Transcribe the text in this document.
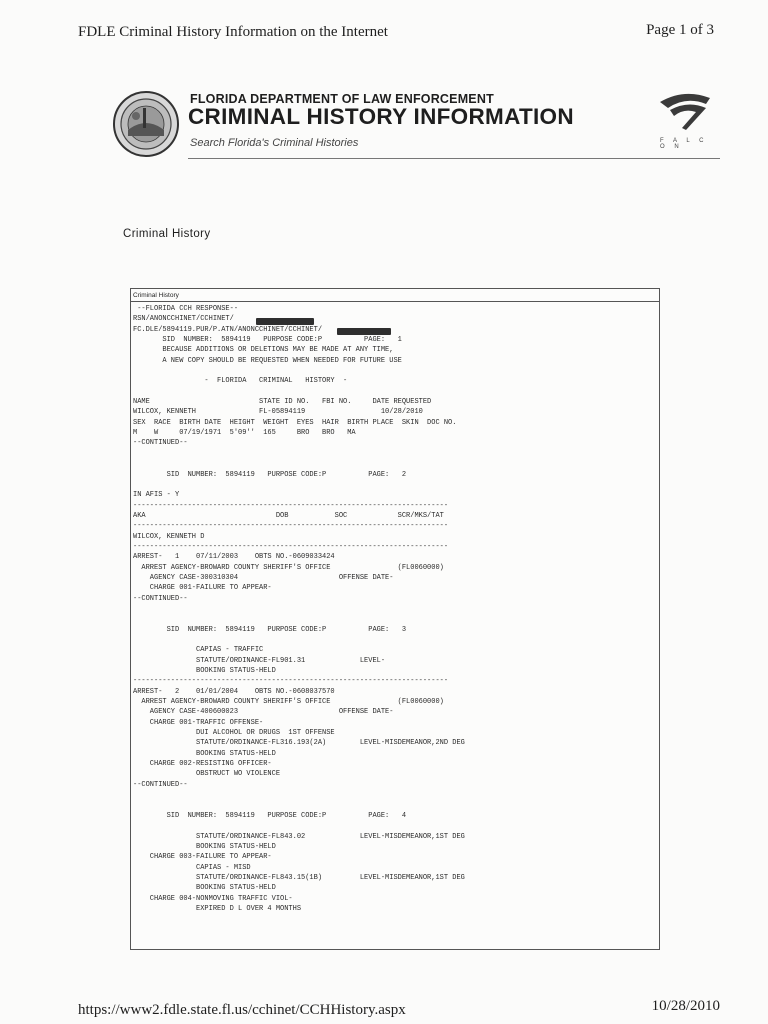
FDLE Criminal History Information on the Internet	Page 1 of 3
FLORIDA DEPARTMENT OF LAW ENFORCEMENT
CRIMINAL HISTORY INFORMATION
Search Florida's Criminal Histories	F A L C O N
Criminal History
Criminal History
--FLORIDA CCH RESPONSE--
RSN/ANONCCHINET/CCHINET/
FC.DLE/5894119.PUR/P.ATN/ANONCCHINET/CCHINET/
SID  NUMBER:  5894119   PURPOSE CODE:P          PAGE:   1
BECAUSE ADDITIONS OR DELETIONS MAY BE MADE AT ANY TIME,
A NEW COPY SHOULD BE REQUESTED WHEN NEEDED FOR FUTURE USE

-  FLORIDA   CRIMINAL   HISTORY  -

NAME                          STATE ID NO.   FBI NO.     DATE REQUESTED
WILCOX, KENNETH               FL-05894119                  10/28/2010
SEX  RACE  BIRTH DATE  HEIGHT  WEIGHT  EYES  HAIR  BIRTH PLACE  SKIN  DOC NO.
M    W     07/19/1971  5'09''  165     BRO   BRO   MA
--CONTINUED--

SID  NUMBER:  5894119   PURPOSE CODE:P          PAGE:   2

IN AFIS - Y
---------------------------------------------------------------------------
AKA                               DOB           SOC            SCR/MKS/TAT
---------------------------------------------------------------------------
WILCOX, KENNETH D
---------------------------------------------------------------------------
ARREST-   1    07/11/2003    OBTS NO.-0609033424
ARREST AGENCY-BROWARD COUNTY SHERIFF'S OFFICE                (FL0060000)
AGENCY CASE-300310304                        OFFENSE DATE-
CHARGE 001-FAILURE TO APPEAR-
--CONTINUED--

SID  NUMBER:  5894119   PURPOSE CODE:P          PAGE:   3

CAPIAS - TRAFFIC
STATUTE/ORDINANCE-FL901.31             LEVEL-
BOOKING STATUS-HELD
---------------------------------------------------------------------------
ARREST-   2    01/01/2004    OBTS NO.-0608037570
ARREST AGENCY-BROWARD COUNTY SHERIFF'S OFFICE                (FL0060000)
AGENCY CASE-400600023                        OFFENSE DATE-
CHARGE 001-TRAFFIC OFFENSE-
DUI ALCOHOL OR DRUGS  1ST OFFENSE
STATUTE/ORDINANCE-FL316.193(2A)        LEVEL-MISDEMEANOR,2ND DEG
BOOKING STATUS-HELD
CHARGE 002-RESISTING OFFICER-
OBSTRUCT WO VIOLENCE
--CONTINUED--

SID  NUMBER:  5894119   PURPOSE CODE:P          PAGE:   4

STATUTE/ORDINANCE-FL843.02             LEVEL-MISDEMEANOR,1ST DEG
BOOKING STATUS-HELD
CHARGE 003-FAILURE TO APPEAR-
CAPIAS - MISD
STATUTE/ORDINANCE-FL843.15(1B)         LEVEL-MISDEMEANOR,1ST DEG
BOOKING STATUS-HELD
CHARGE 004-NONMOVING TRAFFIC VIOL-
EXPIRED D L OVER 4 MONTHS
https://www2.fdle.state.fl.us/cchinet/CCHHistory.aspx	10/28/2010
